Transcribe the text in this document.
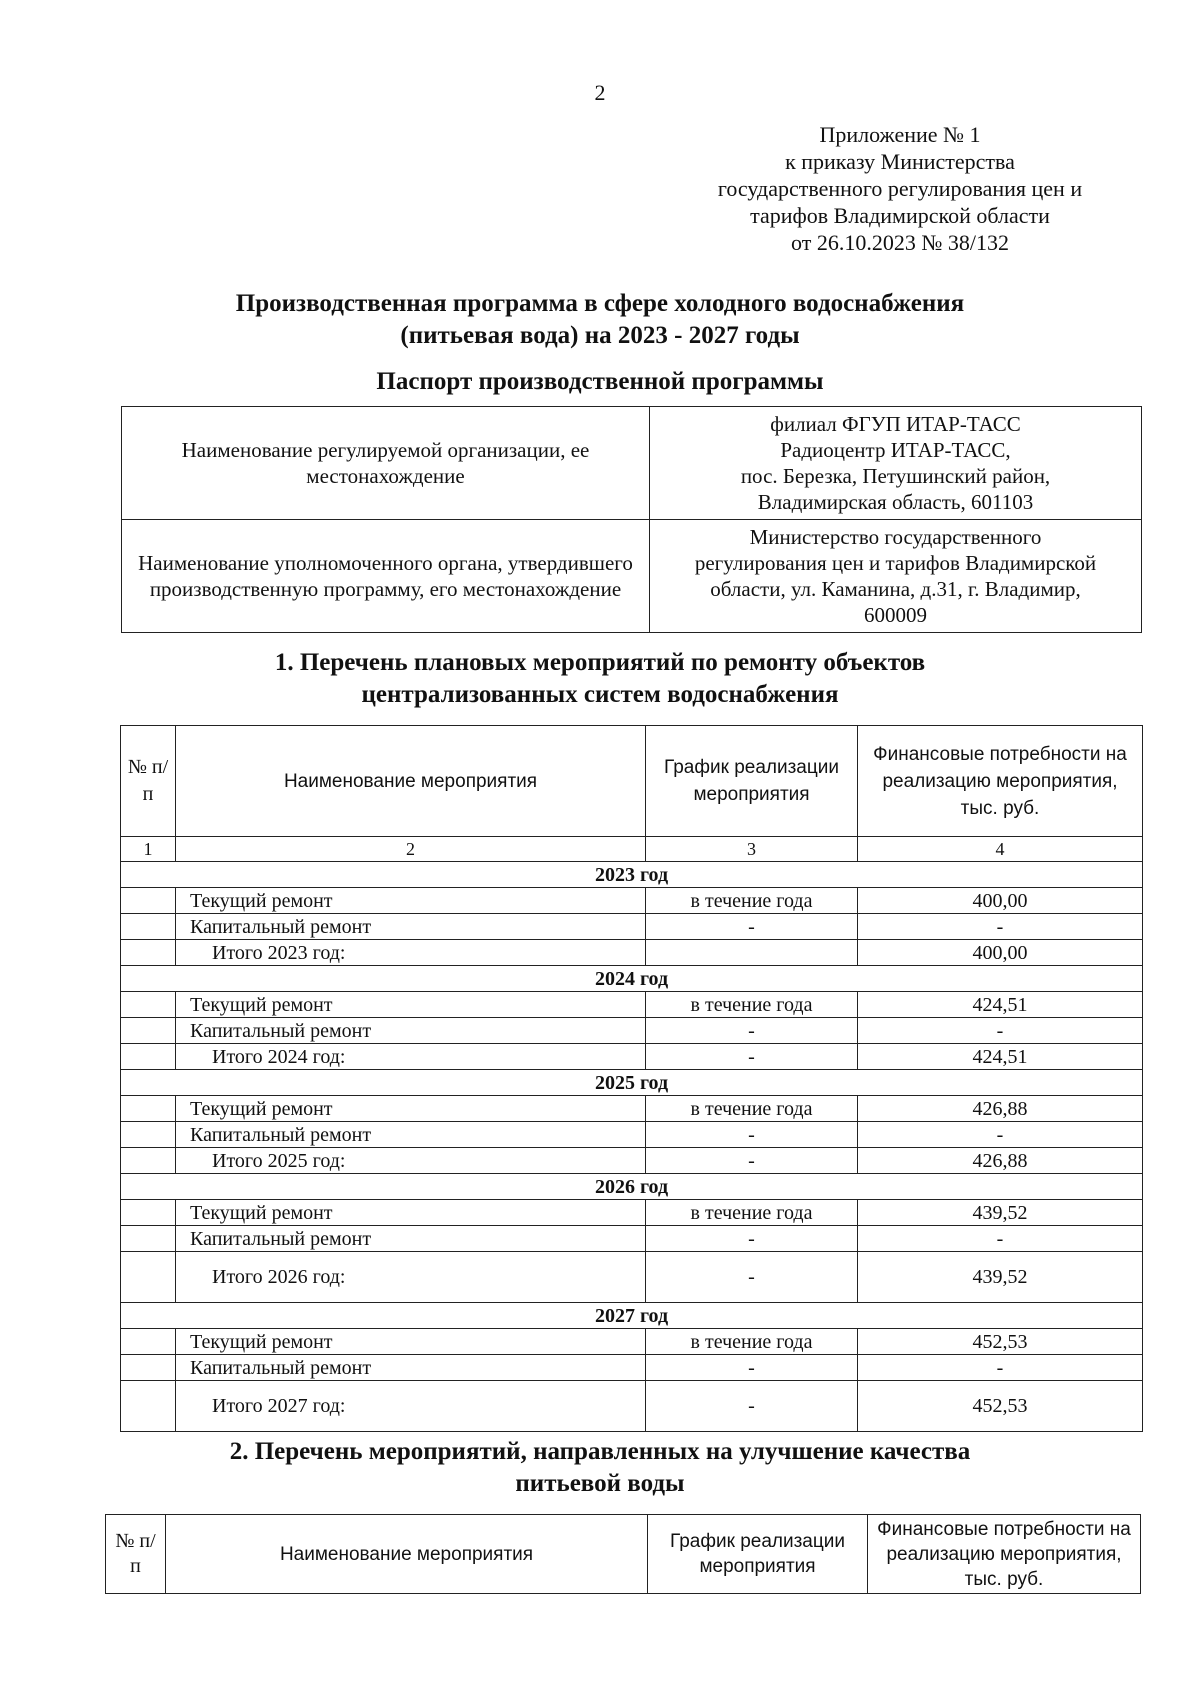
2
Приложение № 1
к приказу Министерства
государственного регулирования цен и
тарифов Владимирской области
от 26.10.2023 № 38/132
Производственная программа в сфере холодного водоснабжения
(питьевая вода) на 2023 - 2027 годы
Паспорт производственной программы
Наименование регулируемой организации, ее местонахождение	филиал ФГУП ИТАР-ТАСС
Радиоцентр ИТАР-ТАСС,
пос. Березка, Петушинский район,
Владимирская область, 601103

Наименование уполномоченного органа, утвердившего производственную программу, его местонахождение	Министерство государственного
регулирования цен и тарифов Владимирской
области, ул. Каманина, д.31, г. Владимир,
600009
1. Перечень плановых мероприятий по ремонту объектов
централизованных систем водоснабжения
№ п/п	Наименование мероприятия	График реализации мероприятия	Финансовые потребности на реализацию мероприятия, тыс. руб.
1	2	3	4
2023 год			
	Текущий ремонт	в течение года	400,00
	Капитальный ремонт	-	-
	Итого 2023 год:		400,00
2024 год			
	Текущий ремонт	в течение года	424,51
	Капитальный ремонт	-	-
	Итого 2024 год:	-	424,51
2025 год			
	Текущий ремонт	в течение года	426,88
	Капитальный ремонт	-	-
	Итого 2025 год:	-	426,88
2026 год			
	Текущий ремонт	в течение года	439,52
	Капитальный ремонт	-	-
	Итого 2026 год:	-	439,52
2027 год			
	Текущий ремонт	в течение года	452,53
	Капитальный ремонт	-	-
	Итого 2027 год:	-	452,53
2. Перечень мероприятий, направленных на улучшение качества
питьевой воды
№ п/п	Наименование мероприятия	График реализации мероприятия	Финансовые потребности на реализацию мероприятия, тыс. руб.
